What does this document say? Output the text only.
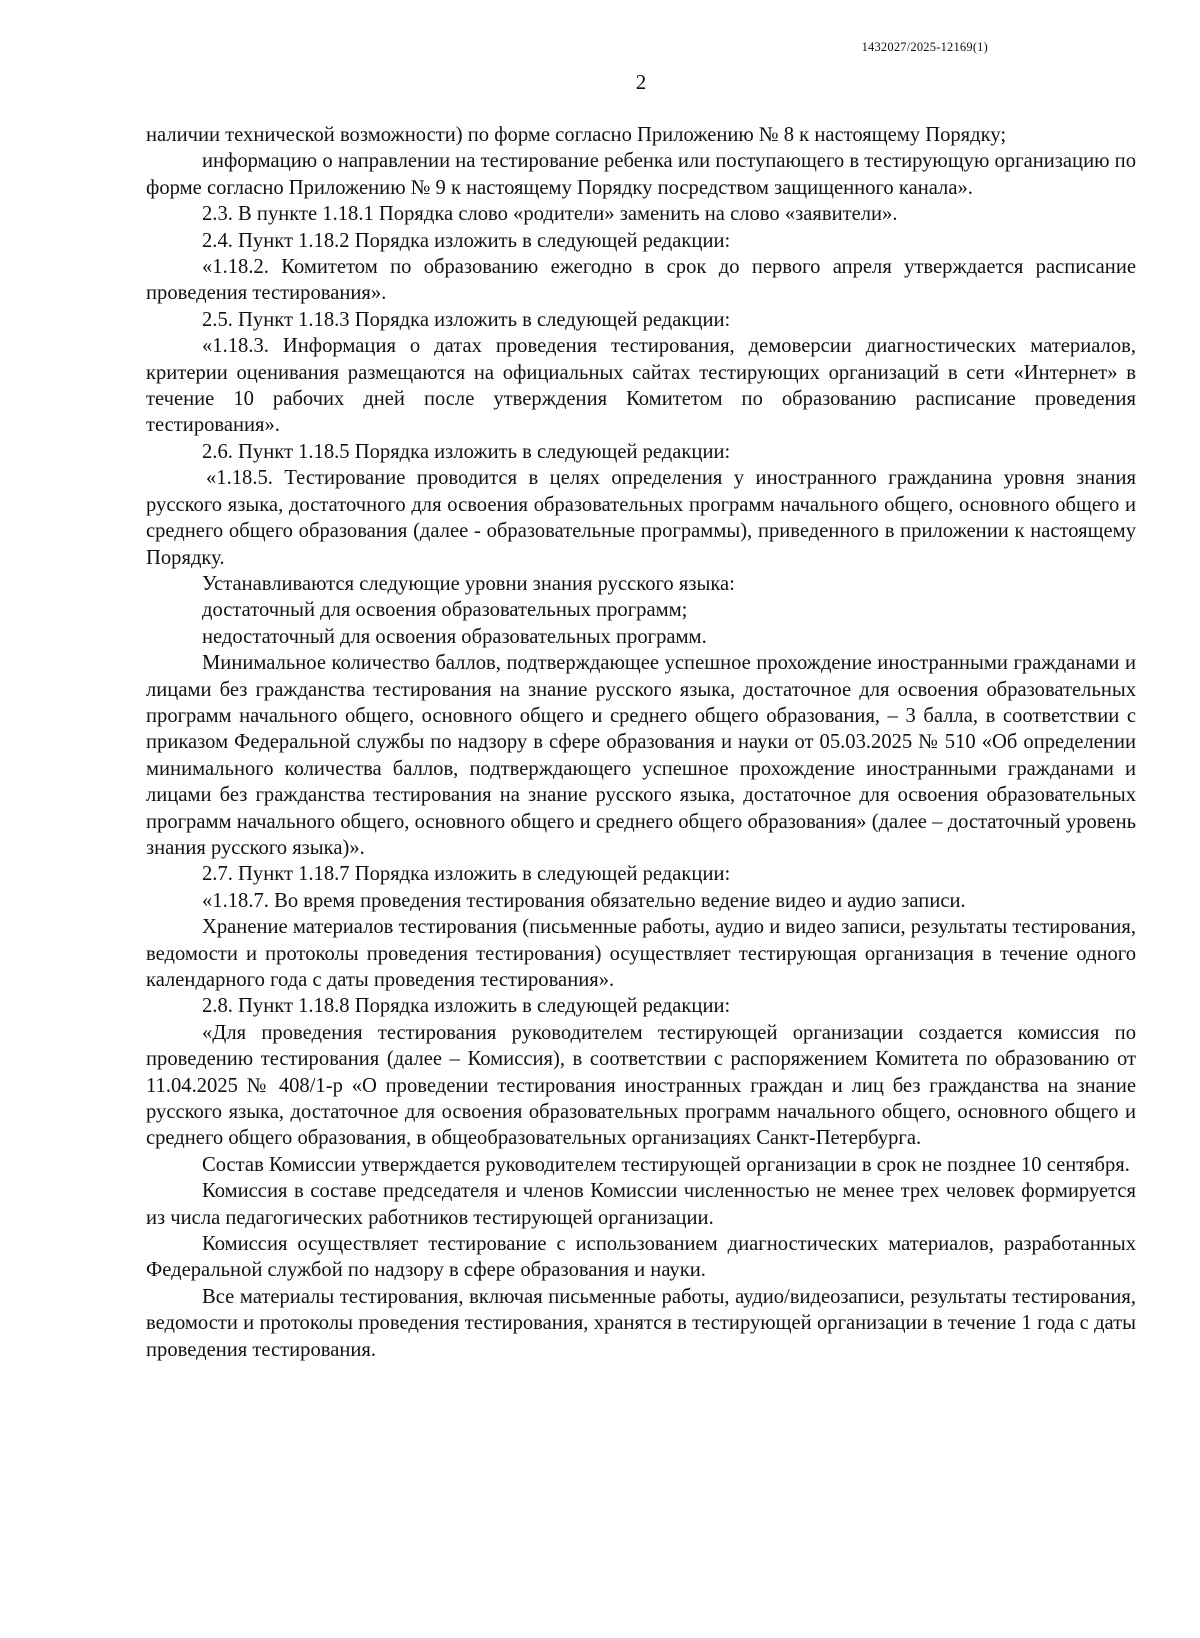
1432027/2025-12169(1)
2

наличии технической возможности) по форме согласно Приложению № 8 к настоящему Порядку;

информацию о направлении на тестирование ребенка или поступающего в тестирующую организацию по форме согласно Приложению № 9 к настоящему Порядку посредством защищенного канала».

2.3. В пункте 1.18.1 Порядка слово «родители» заменить на слово «заявители».

2.4. Пункт 1.18.2 Порядка изложить в следующей редакции:

«1.18.2. Комитетом по образованию ежегодно в срок до первого апреля утверждается расписание проведения тестирования».

2.5. Пункт 1.18.3 Порядка изложить в следующей редакции:

«1.18.3. Информация о датах проведения тестирования, демоверсии диагностических материалов, критерии оценивания размещаются на официальных сайтах тестирующих организаций в сети «Интернет» в течение 10 рабочих дней после утверждения Комитетом по образованию расписание проведения тестирования».

2.6. Пункт 1.18.5 Порядка изложить в следующей редакции:

«1.18.5. Тестирование проводится в целях определения у иностранного гражданина уровня знания русского языка, достаточного для освоения образовательных программ начального общего, основного общего и среднего общего образования (далее - образовательные программы), приведенного в приложении к настоящему Порядку.

Устанавливаются следующие уровни знания русского языка:

достаточный для освоения образовательных программ;

недостаточный для освоения образовательных программ.

Минимальное количество баллов, подтверждающее успешное прохождение иностранными гражданами и лицами без гражданства тестирования на знание русского языка, достаточное для освоения образовательных программ начального общего, основного общего и среднего общего образования, – 3 балла, в соответствии с приказом Федеральной службы по надзору в сфере образования и науки от 05.03.2025 № 510 «Об определении минимального количества баллов, подтверждающего успешное прохождение иностранными гражданами и лицами без гражданства тестирования на знание русского языка, достаточное для освоения образовательных программ начального общего, основного общего и среднего общего образования» (далее – достаточный уровень знания русского языка)».

2.7. Пункт 1.18.7 Порядка изложить в следующей редакции:

«1.18.7. Во время проведения тестирования обязательно ведение видео и аудио записи.

Хранение материалов тестирования (письменные работы, аудио и видео записи, результаты тестирования, ведомости и протоколы проведения тестирования) осуществляет тестирующая организация в течение одного календарного года с даты проведения тестирования».

2.8. Пункт 1.18.8 Порядка изложить в следующей редакции:

«Для проведения тестирования руководителем тестирующей организации создается комиссия по проведению тестирования (далее – Комиссия), в соответствии с распоряжением Комитета по образованию от 11.04.2025 № 408/1-р «О проведении тестирования иностранных граждан и лиц без гражданства на знание русского языка, достаточное для освоения образовательных программ начального общего, основного общего и среднего общего образования, в общеобразовательных организациях Санкт-Петербурга.

Состав Комиссии утверждается руководителем тестирующей организации в срок не позднее 10 сентября.

Комиссия в составе председателя и членов Комиссии численностью не менее трех человек формируется из числа педагогических работников тестирующей организации.

Комиссия осуществляет тестирование с использованием диагностических материалов, разработанных Федеральной службой по надзору в сфере образования и науки.

Все материалы тестирования, включая письменные работы, аудио/видеозаписи, результаты тестирования, ведомости и протоколы проведения тестирования, хранятся в тестирующей организации в течение 1 года с даты проведения тестирования.
